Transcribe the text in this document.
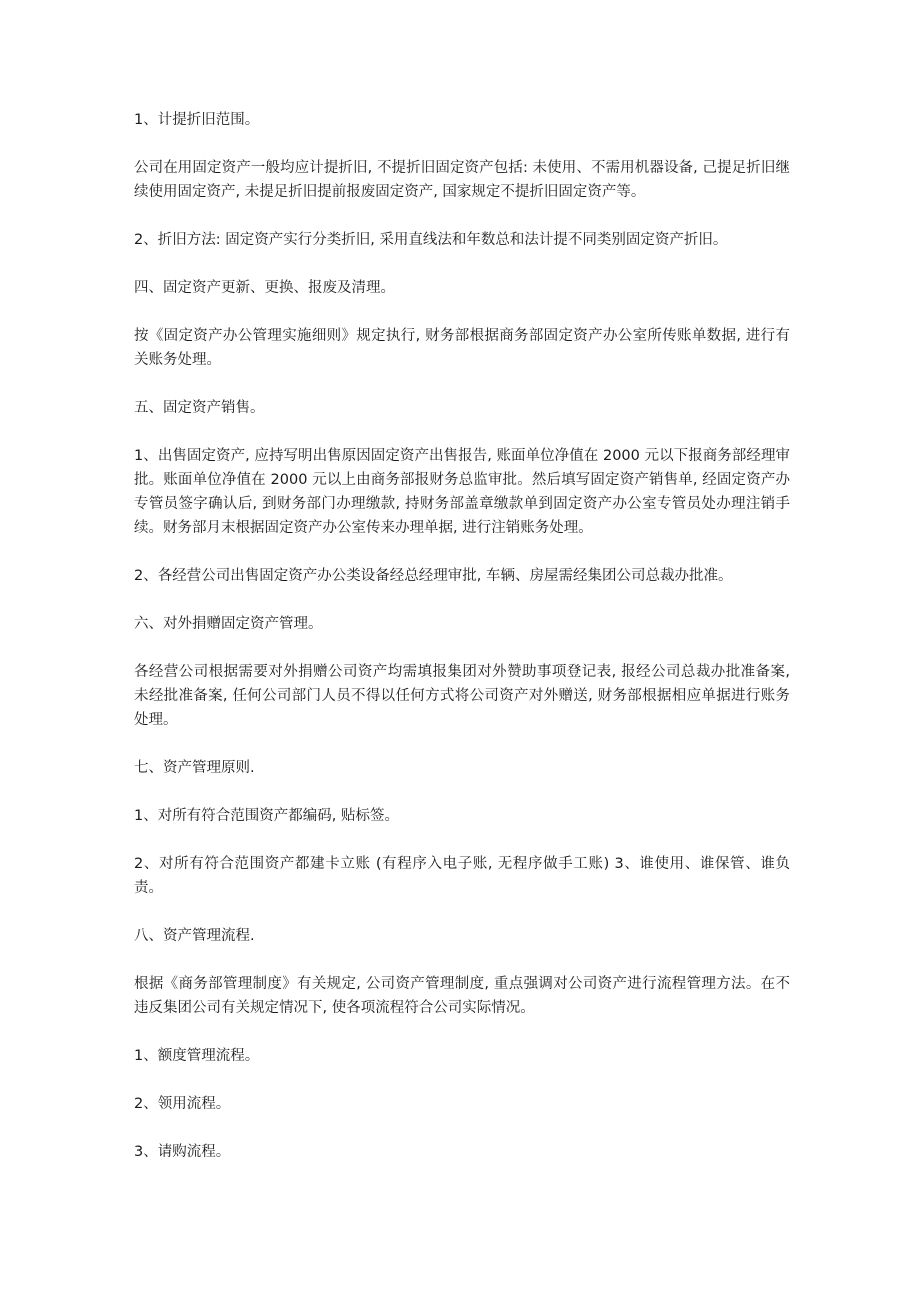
1、计提折旧范围。

公司在用固定资产一般均应计提折旧, 不提折旧固定资产包括: 未使用、不需用机器设备, 己提足折旧继续使用固定资产, 未提足折旧提前报废固定资产, 国家规定不提折旧固定资产等。

2、折旧方法: 固定资产实行分类折旧, 采用直线法和年数总和法计提不同类别固定资产折旧。

四、固定资产更新、更换、报废及清理。

按《固定资产办公管理实施细则》规定执行, 财务部根据商务部固定资产办公室所传账单数据, 进行有关账务处理。

五、固定资产销售。

1、出售固定资产, 应持写明出售原因固定资产出售报告, 账面单位净值在 2000 元以下报商务部经理审批。账面单位净值在 2000 元以上由商务部报财务总监审批。然后填写固定资产销售单, 经固定资产办专管员签字确认后, 到财务部门办理缴款, 持财务部盖章缴款单到固定资产办公室专管员处办理注销手续。财务部月末根据固定资产办公室传来办理单据, 进行注销账务处理。

2、各经营公司出售固定资产办公类设备经总经理审批, 车辆、房屋需经集团公司总裁办批准。

六、对外捐赠固定资产管理。

各经营公司根据需要对外捐赠公司资产均需填报集团对外赞助事项登记表, 报经公司总裁办批准备案, 未经批准备案, 任何公司部门人员不得以任何方式将公司资产对外赠送, 财务部根据相应单据进行账务处理。

七、资产管理原则.

1、对所有符合范围资产都编码, 贴标签。

2、对所有符合范围资产都建卡立账 (有程序入电子账, 无程序做手工账) 3、谁使用、谁保管、谁负责。

八、资产管理流程.

根据《商务部管理制度》有关规定, 公司资产管理制度, 重点强调对公司资产进行流程管理方法。在不违反集团公司有关规定情况下, 使各项流程符合公司实际情况。

1、额度管理流程。

2、领用流程。

3、请购流程。
